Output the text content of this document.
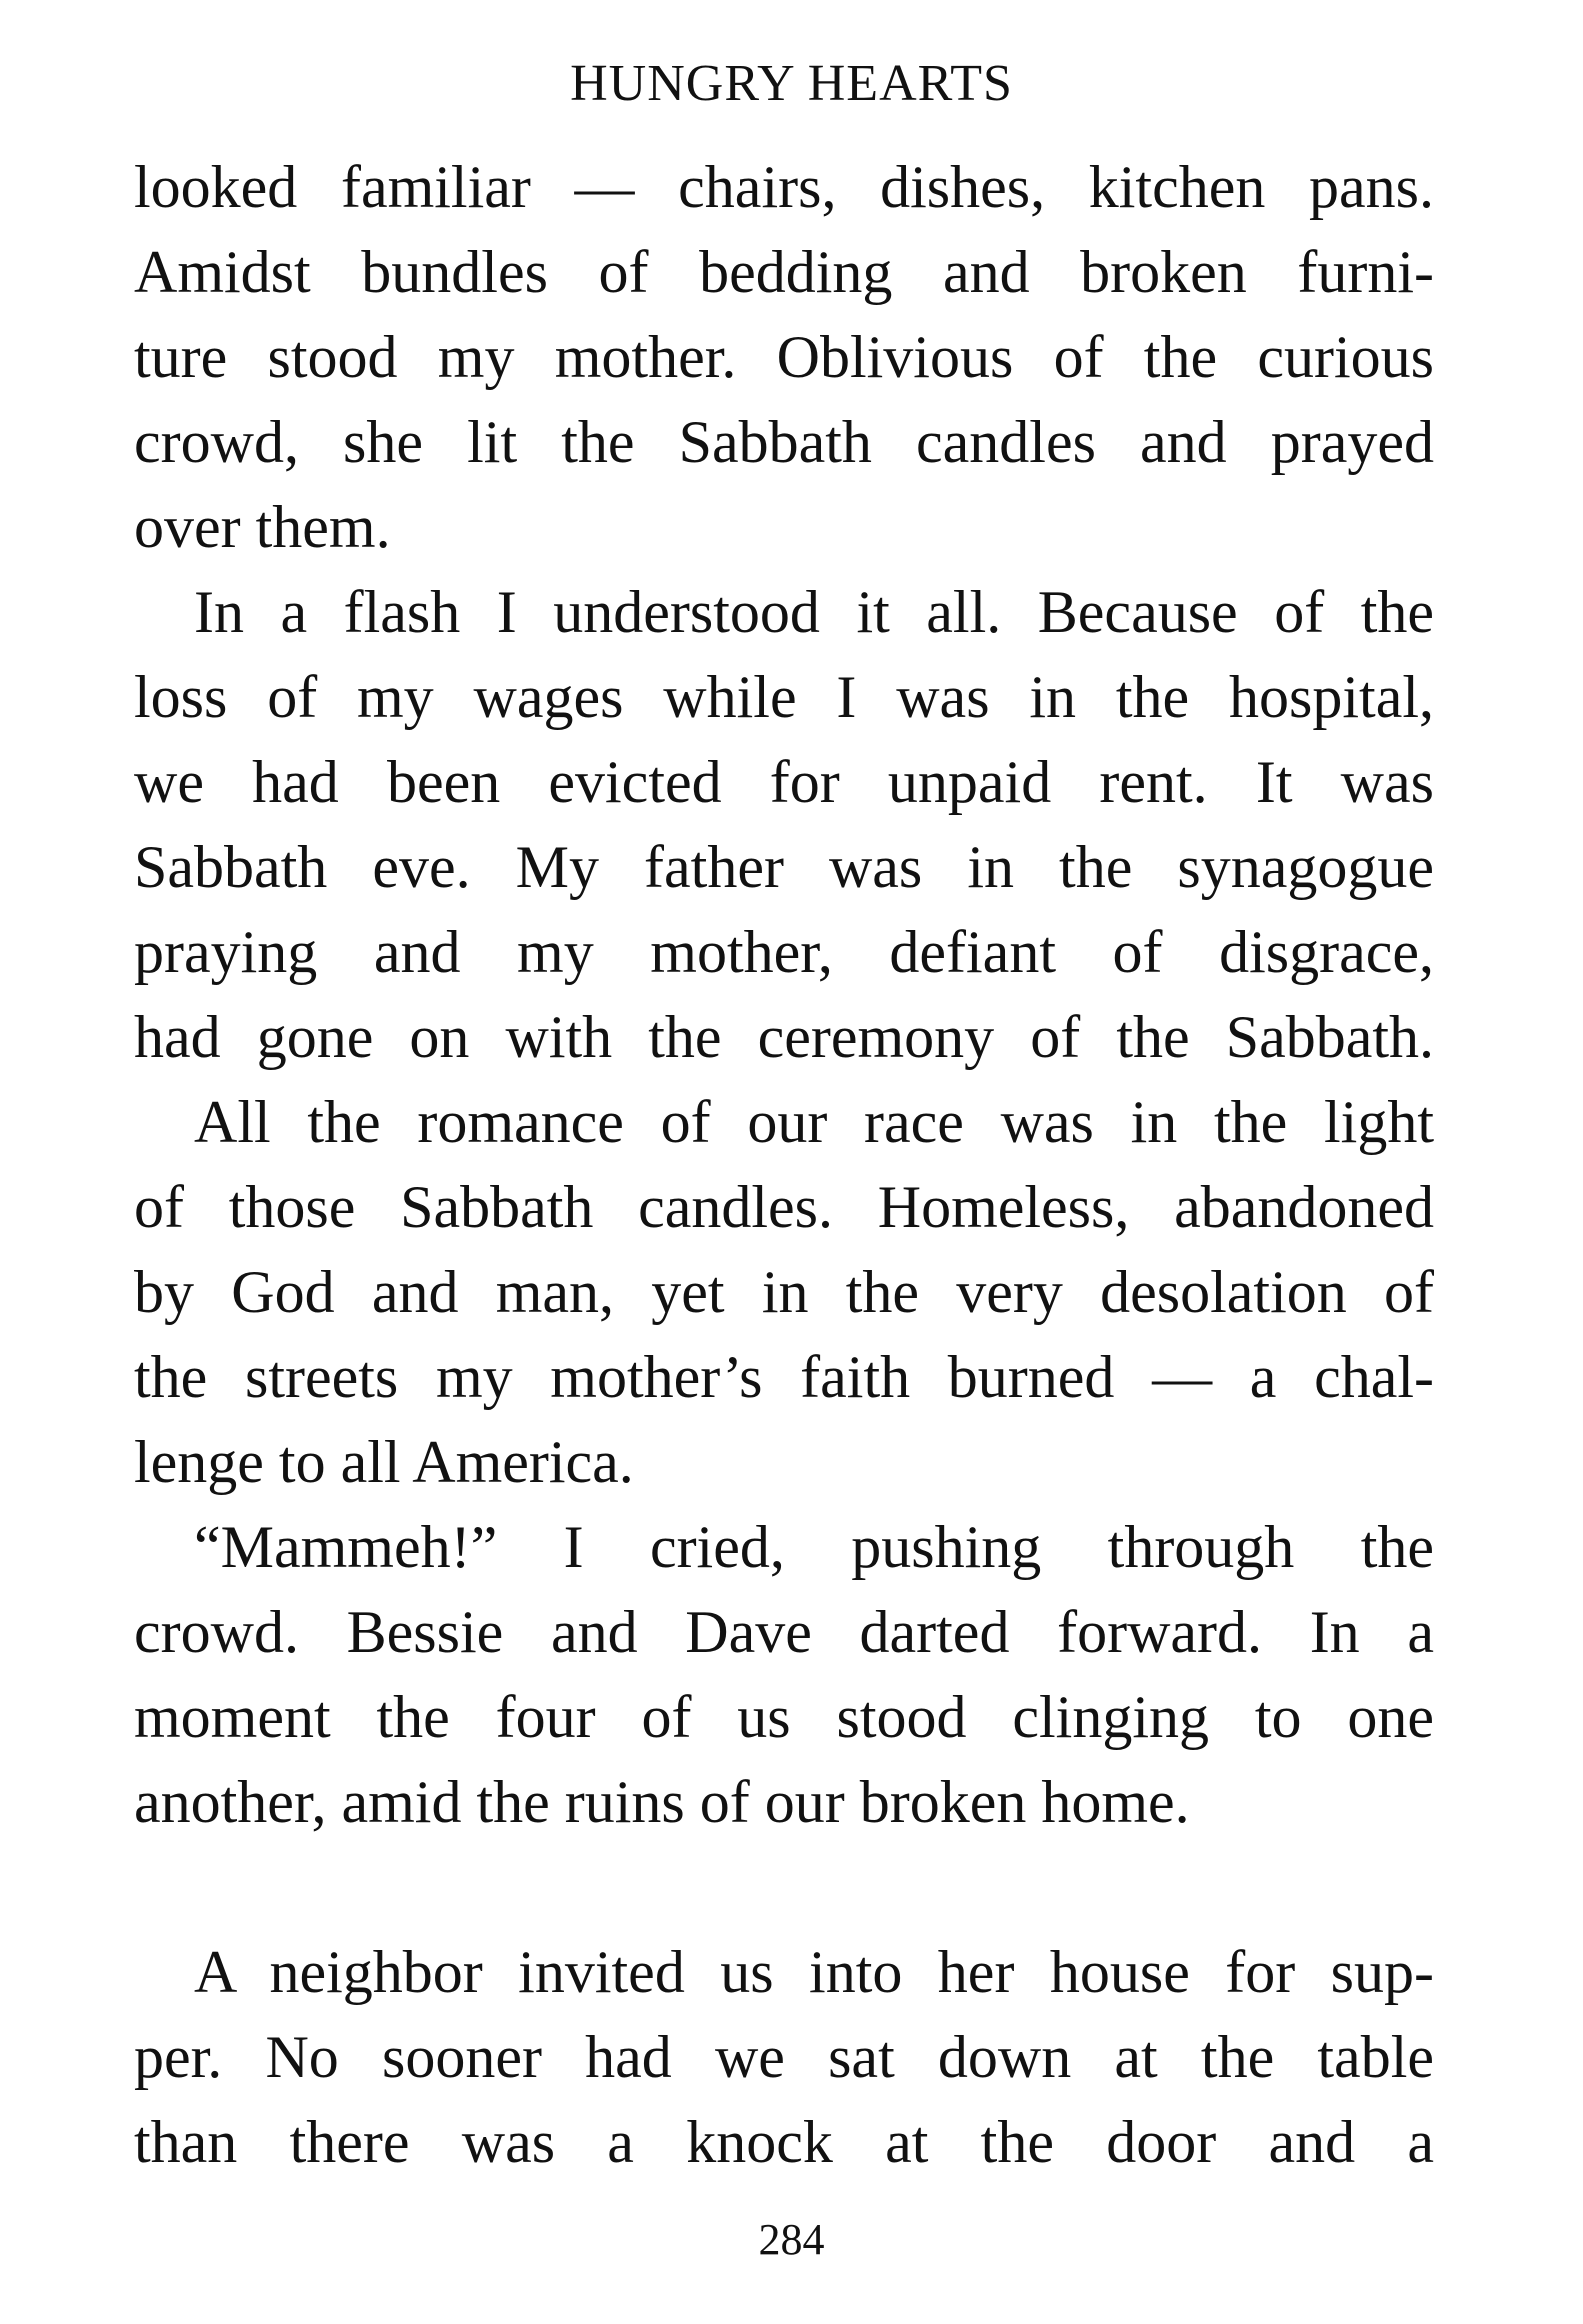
HUNGRY HEARTS
looked familiar — chairs, dishes, kitchen pans.
Amidst bundles of bedding and broken furni-
ture stood my mother. Oblivious of the curious
crowd, she lit the Sabbath candles and prayed
over them.
In a flash I understood it all. Because of the
loss of my wages while I was in the hospital,
we had been evicted for unpaid rent. It was
Sabbath eve. My father was in the synagogue
praying and my mother, defiant of disgrace,
had gone on with the ceremony of the Sabbath.
All the romance of our race was in the light
of those Sabbath candles. Homeless, abandoned
by God and man, yet in the very desolation of
the streets my mother’s faith burned — a chal-
lenge to all America.
“Mammeh!” I cried, pushing through the
crowd. Bessie and Dave darted forward. In a
moment the four of us stood clinging to one
another, amid the ruins of our broken home.
A neighbor invited us into her house for sup-
per. No sooner had we sat down at the table
than there was a knock at the door and a
284
